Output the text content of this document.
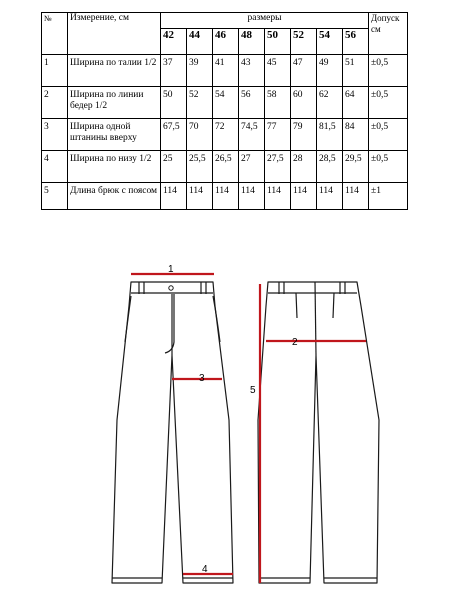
№	Измерение, см	размеры								Допуск см
		42	44	46	48	50	52	54	56	
1	Ширина по талии 1/2	37	39	41	43	45	47	49	51	±0,5
2	Ширина по линии бедер 1/2	50	52	54	56	58	60	62	64	±0,5
3	Ширина одной штанины вверху	67,5	70	72	74,5	77	79	81,5	84	±0,5
4	Ширина по низу 1/2	25	25,5	26,5	27	27,5	28	28,5	29,5	±0,5
5	Длина брюк с поясом	114	114	114	114	114	114	114	114	±1
1
2
3
4
5
